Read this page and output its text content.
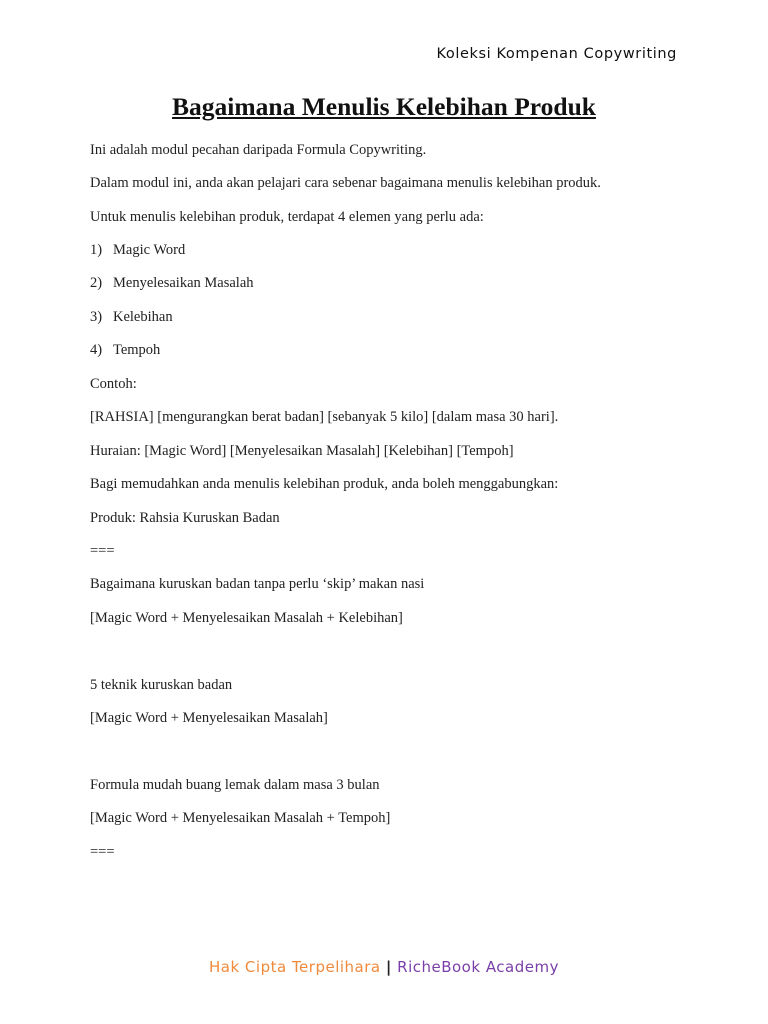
Koleksi Kompenan Copywriting
Bagaimana Menulis Kelebihan Produk
Ini adalah modul pecahan daripada Formula Copywriting.
Dalam modul ini, anda akan pelajari cara sebenar bagaimana menulis kelebihan produk.
Untuk menulis kelebihan produk, terdapat 4 elemen yang perlu ada:
1) Magic Word
2) Menyelesaikan Masalah
3) Kelebihan
4) Tempoh
Contoh:
[RAHSIA] [mengurangkan berat badan] [sebanyak 5 kilo] [dalam masa 30 hari].
Huraian: [Magic Word] [Menyelesaikan Masalah] [Kelebihan] [Tempoh]
Bagi memudahkan anda menulis kelebihan produk, anda boleh menggabungkan:
Produk: Rahsia Kuruskan Badan
===
Bagaimana kuruskan badan tanpa perlu ‘skip’ makan nasi
[Magic Word + Menyelesaikan Masalah + Kelebihan]
5 teknik kuruskan badan
[Magic Word + Menyelesaikan Masalah]
Formula mudah buang lemak dalam masa 3 bulan
[Magic Word + Menyelesaikan Masalah + Tempoh]
===
Hak Cipta Terpelihara | RicheBook Academy
